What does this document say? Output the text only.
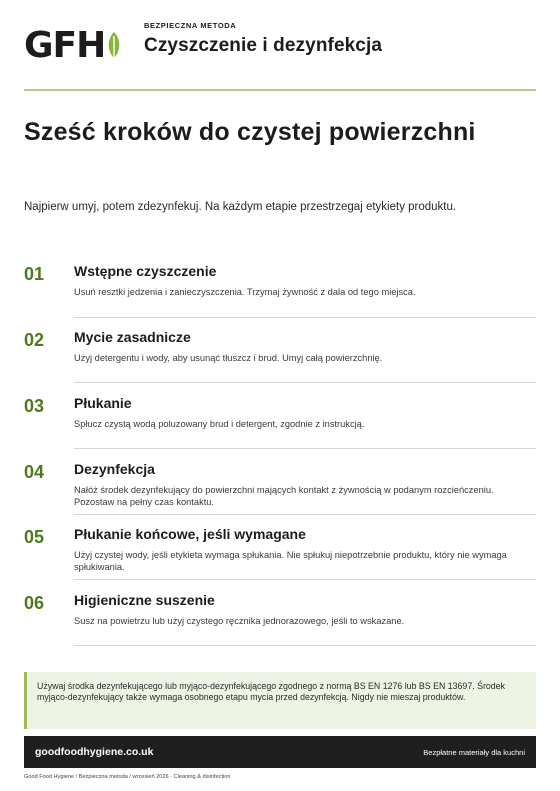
GFH	BEZPIECZNA METODA
Czyszczenie i dezynfekcja
Sześć kroków do czystej powierzchni

Najpierw umyj, potem zdezynfekuj. Na każdym etapie przestrzegaj etykiety produktu.

01 Wstępne czyszczenie
Usuń resztki jedzenia i zanieczyszczenia. Trzymaj żywność z dala od tego miejsca.
02 Mycie zasadnicze
Użyj detergentu i wody, aby usunąć tłuszcz i brud. Umyj całą powierzchnię.
03 Płukanie
Spłucz czystą wodą poluzowany brud i detergent, zgodnie z instrukcją.
04 Dezynfekcja
Nałóż środek dezynfekujący do powierzchni mających kontakt z żywnością w podanym rozcieńczeniu. Pozostaw na pełny czas kontaktu.
05 Płukanie końcowe, jeśli wymagane
Użyj czystej wody, jeśli etykieta wymaga spłukania. Nie spłukuj niepotrzebnie produktu, który nie wymaga spłukiwania.
06 Higieniczne suszenie
Susz na powietrzu lub użyj czystego ręcznika jednorazowego, jeśli to wskazane.

Używaj środka dezynfekującego lub myjąco-dezynfekującego zgodnego z normą BS EN 1276 lub BS EN 13697. Środek myjąco-dezynfekujący także wymaga osobnego etapu mycia przed dezynfekcją. Nigdy nie mieszaj produktów.

goodfoodhygiene.co.uk	Bezpłatne materiały dla kuchni
Good Food Hygiene / Bezpieczna metoda / wrzesień 2026 · Cleaning & disinfection
